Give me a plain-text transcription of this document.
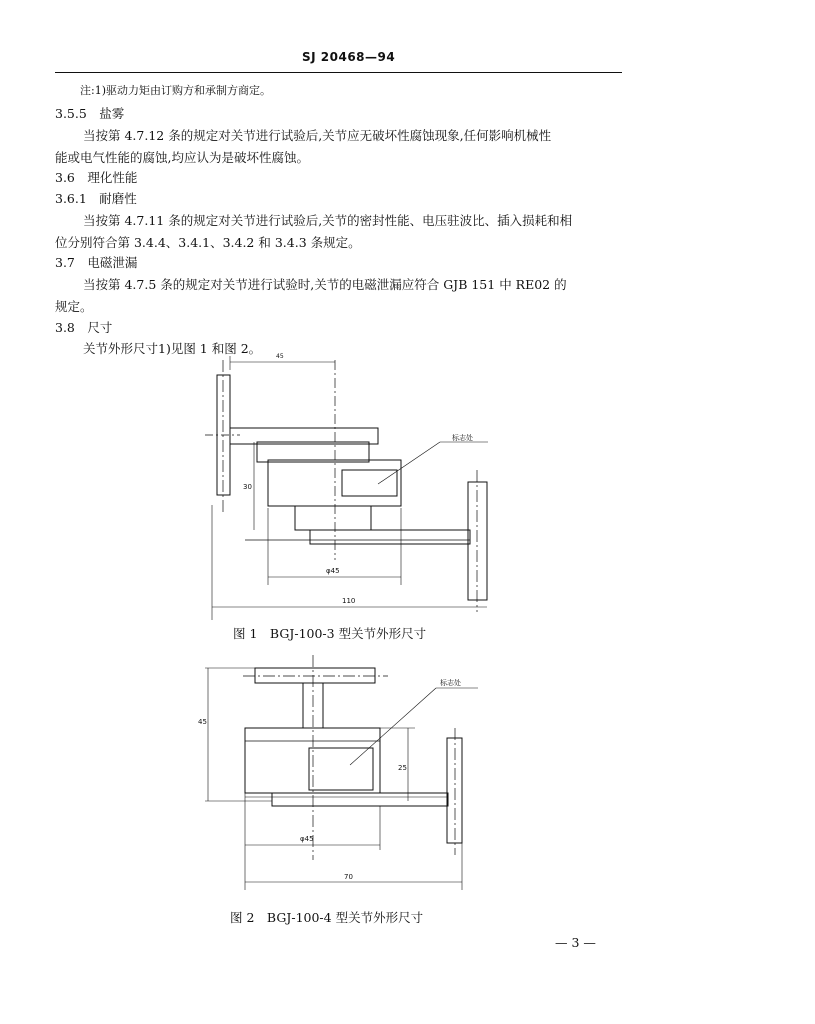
SJ 20468—94
注:1)驱动力矩由订购方和承制方商定。
3.5.5　盐雾
当按第 4.7.12 条的规定对关节进行试验后,关节应无破坏性腐蚀现象,任何影响机械性
能或电气性能的腐蚀,均应认为是破坏性腐蚀。
3.6　理化性能
3.6.1　耐磨性
当按第 4.7.11 条的规定对关节进行试验后,关节的密封性能、电压驻波比、插入损耗和相
位分别符合第 3.4.4、3.4.1、3.4.2 和 3.4.3 条规定。
3.7　电磁泄漏
当按第 4.7.5 条的规定对关节进行试验时,关节的电磁泄漏应符合 GJB 151 中 RE02 的
规定。
3.8　尺寸
关节外形尺寸1)见图 1 和图 2。
45
30
φ45
110
标志处
图 1　BGJ-100-3 型关节外形尺寸
45
25
φ45
70
标志处
图 2　BGJ-100-4 型关节外形尺寸
— 3 —
